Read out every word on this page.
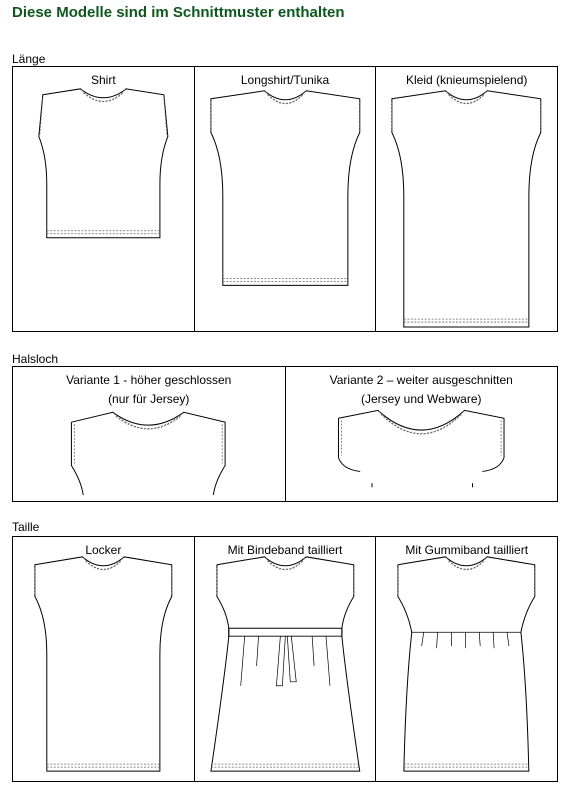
Diese Modelle sind im Schnittmuster enthalten
Länge
Shirt	Longshirt/Tunika	Kleid (knieumspielend)
Halsloch
Variante 1 - höher geschlossen
(nur für Jersey)
Variante 2 – weiter ausgeschnitten
(Jersey und Webware)
Taille
Locker	Mit Bindeband tailliert	Mit Gummiband tailliert
